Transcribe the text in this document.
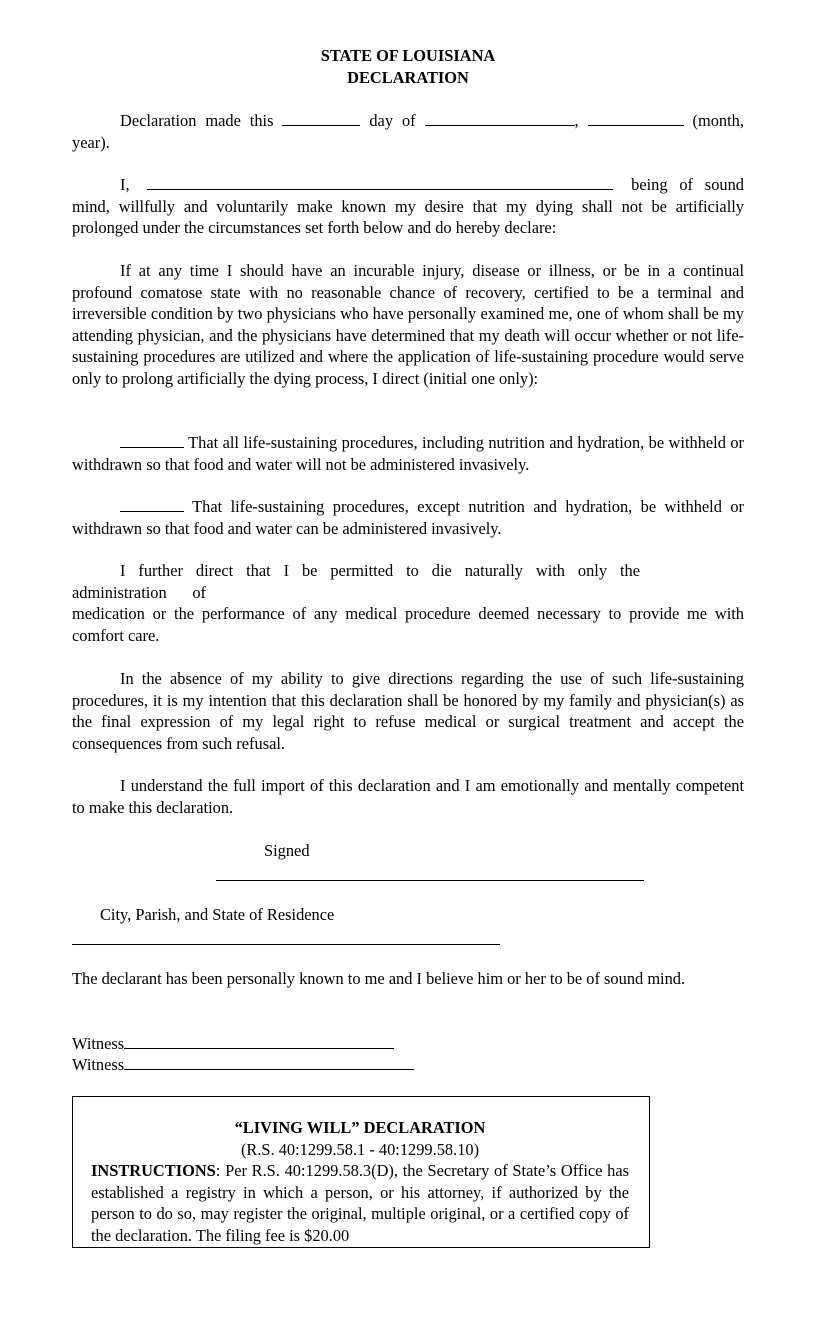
STATE OF LOUISIANA
DECLARATION

Declaration made this	day of	,	(month, year).

I,	being of sound mind, willfully and voluntarily make known my desire that my dying shall not be artificially prolonged under the circumstances set forth below and do hereby declare:

If at any time I should have an incurable injury, disease or illness, or be in a continual profound comatose state with no reasonable chance of recovery, certified to be a terminal and irreversible condition by two physicians who have personally examined me, one of whom shall be my attending physician, and the physicians have determined that my death will occur whether or not life-sustaining procedures are utilized and where the application of life-sustaining procedure would serve only to prolong artificially the dying process, I direct (initial one only):

That all life-sustaining procedures, including nutrition and hydration, be withheld or withdrawn so that food and water will not be administered invasively.

That life-sustaining procedures, except nutrition and hydration, be withheld or withdrawn so that food and water can be administered invasively.

I further direct that I be permitted to die naturally with only the
administration of

medication or the performance of any medical procedure deemed necessary to provide me with comfort care.

In the absence of my ability to give directions regarding the use of such life-sustaining procedures, it is my intention that this declaration shall be honored by my family and physician(s) as the final expression of my legal right to refuse medical or surgical treatment and accept the consequences from such refusal.

I understand the full import of this declaration and I am emotionally and mentally competent to make this declaration.

Signed
City, Parish, and State of Residence

The declarant has been personally known to me and I believe him or her to be of sound mind.

Witness
Witness
“LIVING WILL” DECLARATION
(R.S. 40:1299.58.1 - 40:1299.58.10)

INSTRUCTIONS: Per R.S. 40:1299.58.3(D), the Secretary of State’s Office has established a registry in which a person, or his attorney, if authorized by the person to do so, may register the original, multiple original, or a certified copy of the declaration. The filing fee is $20.00
